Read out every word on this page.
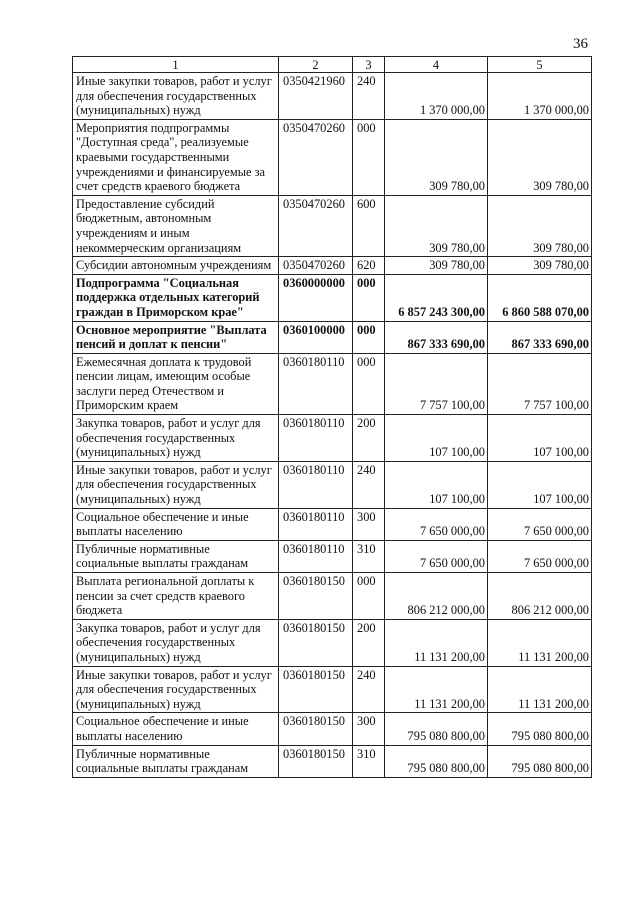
36
1	2	3	4	5
Иные закупки товаров, работ и услуг для обеспечения государственных (муниципальных) нужд	0350421960	240	1 370 000,00	1 370 000,00
Мероприятия подпрограммы "Доступная среда", реализуемые краевыми государственными учреждениями и финансируемые за счет средств краевого бюджета	0350470260	000	309 780,00	309 780,00
Предоставление субсидий бюджетным, автономным учреждениям и иным некоммерческим организациям	0350470260	600	309 780,00	309 780,00
Субсидии автономным учреждениям	0350470260	620	309 780,00	309 780,00
Подпрограмма "Социальная поддержка отдельных категорий граждан в Приморском крае"	0360000000	000	6 857 243 300,00	6 860 588 070,00
Основное мероприятие "Выплата пенсий и доплат к пенсии"	0360100000	000	867 333 690,00	867 333 690,00
Ежемесячная доплата к трудовой пенсии лицам, имеющим особые заслуги перед Отечеством и Приморским краем	0360180110	000	7 757 100,00	7 757 100,00
Закупка товаров, работ и услуг для обеспечения государственных (муниципальных) нужд	0360180110	200	107 100,00	107 100,00
Иные закупки товаров, работ и услуг для обеспечения государственных (муниципальных) нужд	0360180110	240	107 100,00	107 100,00
Социальное обеспечение и иные выплаты населению	0360180110	300	7 650 000,00	7 650 000,00
Публичные нормативные социальные выплаты гражданам	0360180110	310	7 650 000,00	7 650 000,00
Выплата региональной доплаты к пенсии за счет средств краевого бюджета	0360180150	000	806 212 000,00	806 212 000,00
Закупка товаров, работ и услуг для обеспечения государственных (муниципальных) нужд	0360180150	200	11 131 200,00	11 131 200,00
Иные закупки товаров, работ и услуг для обеспечения государственных (муниципальных) нужд	0360180150	240	11 131 200,00	11 131 200,00
Социальное обеспечение и иные выплаты населению	0360180150	300	795 080 800,00	795 080 800,00
Публичные нормативные социальные выплаты гражданам	0360180150	310	795 080 800,00	795 080 800,00
